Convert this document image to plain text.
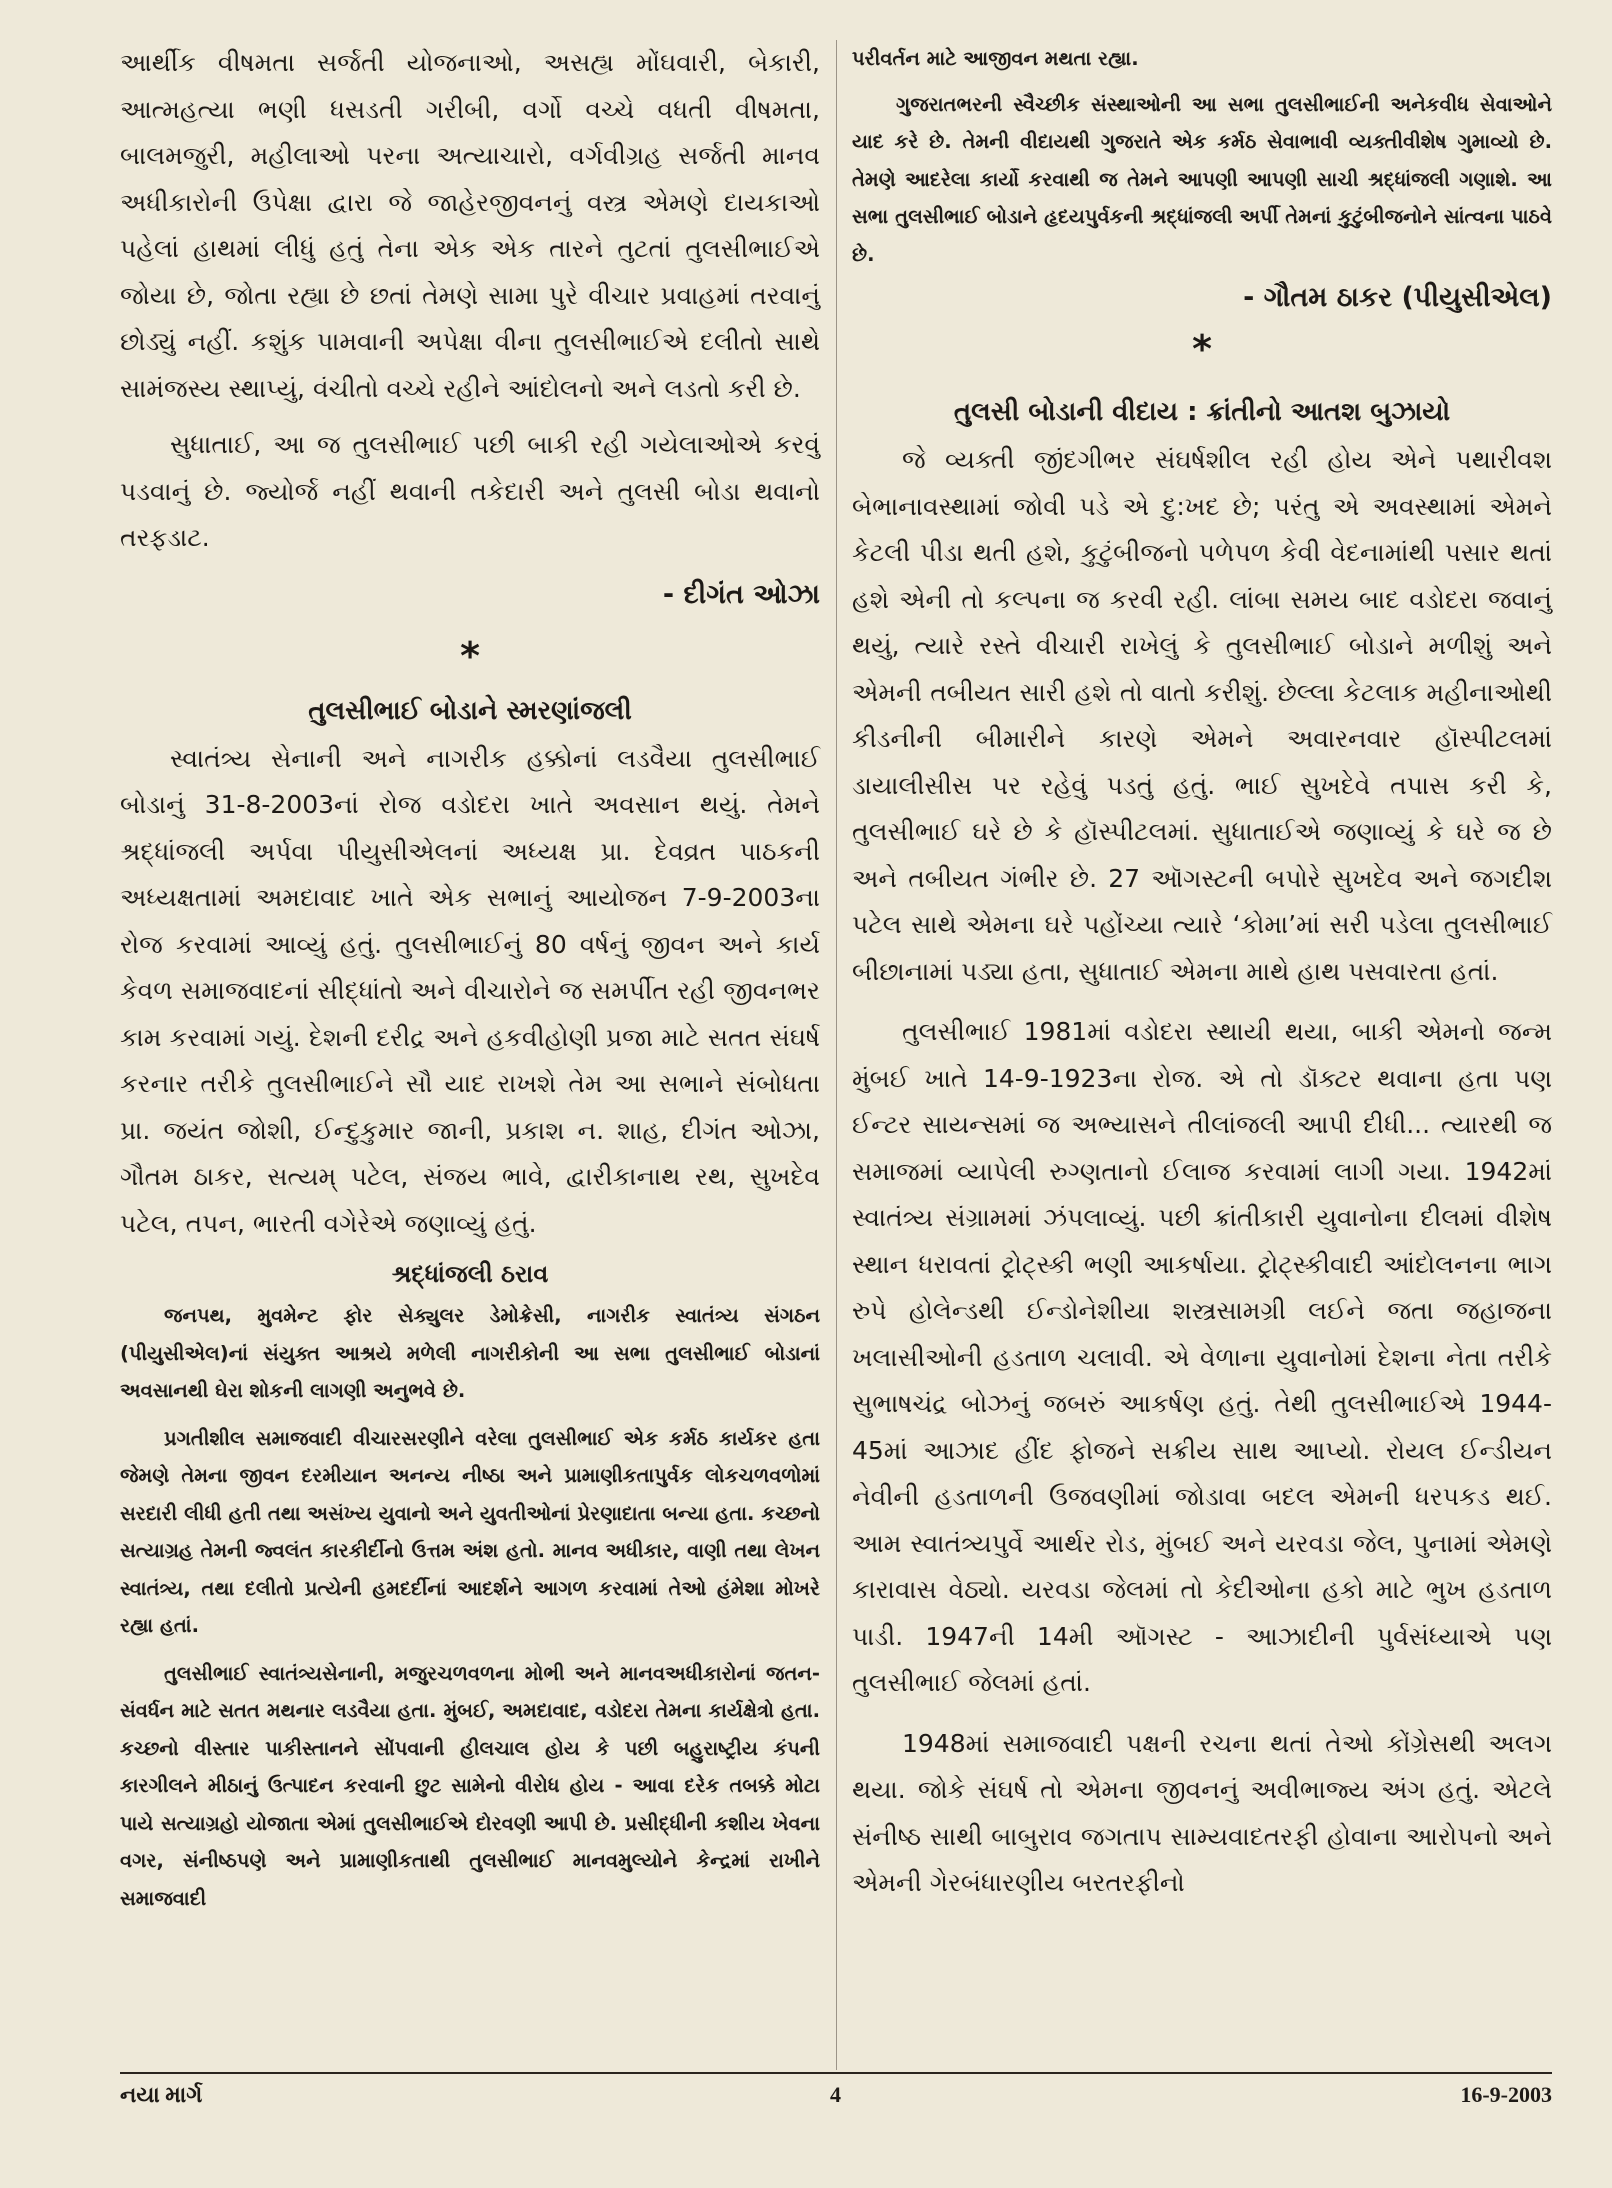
આર્થીક વીષમતા સર્જતી યોજનાઓ, અસહ્ય મોંઘવારી, બેકારી, આત્મહત્યા ભણી ધસડતી ગરીબી, વર્ગો વચ્ચે વધતી વીષમતા, બાલમજુરી, મહીલાઓ પરના અત્યાચારો, વર્ગવીગ્રહ સર્જતી માનવ અધીકારોની ઉપેક્ષા દ્વારા જે જાહેરજીવનનું વસ્ત્ર એમણે દાયકાઓ પહેલાં હાથમાં લીધું હતું તેના એક એક તારને તુટતાં તુલસીભાઈએ જોયા છે, જોતા રહ્યા છે છતાં તેમણે સામા પુરે વીચાર પ્રવાહમાં તરવાનું છોડ્યું નહીં. કશુંક પામવાની અપેક્ષા વીના તુલસીભાઈએ દલીતો સાથે સામંજસ્ય સ્થાપ્યું, વંચીતો વચ્ચે રહીને આંદોલનો અને લડતો કરી છે.

સુધાતાઈ, આ જ તુલસીભાઈ પછી બાકી રહી ગયેલાઓએ કરવું પડવાનું છે. જ્યોર્જ નહીં થવાની તકેદારી અને તુલસી બોડા થવાનો તરફડાટ.

- દીગંત ઓઝા
*
તુલસીભાઈ બોડાને સ્મરણાંજલી

સ્વાતંત્ર્ય સેનાની અને નાગરીક હક્કોનાં લડવૈયા તુલસીભાઈ બોડાનું 31-8-2003નાં રોજ વડોદરા ખાતે અવસાન થયું. તેમને શ્રદ્ધાંજલી અર્પવા પીયુસીએલનાં અધ્યક્ષ પ્રા. દેવવ્રત પાઠકની અધ્યક્ષતામાં અમદાવાદ ખાતે એક સભાનું આયોજન 7-9-2003ના રોજ કરવામાં આવ્યું હતું. તુલસીભાઈનું 80 વર્ષનું જીવન અને કાર્ય કેવળ સમાજવાદનાં સીદ્ધાંતો અને વીચારોને જ સમર્પીત રહી જીવનભર કામ કરવામાં ગયું. દેશની દરીદ્ર અને હકવીહોણી પ્રજા માટે સતત સંઘર્ષ કરનાર તરીકે તુલસીભાઈને સૌ યાદ રાખશે તેમ આ સભાને સંબોધતા પ્રા. જયંત જોશી, ઈન્દુકુમાર જાની, પ્રકાશ ન. શાહ, દીગંત ઓઝા, ગૌતમ ઠાકર, સત્યમ્ પટેલ, સંજય ભાવે, દ્વારીકાનાથ રથ, સુખદેવ પટેલ, તપન, ભારતી વગેરેએ જણાવ્યું હતું.

શ્રદ્ધાંજલી ઠરાવ

જનપથ, મુવમેન્ટ ફોર સેક્યુલર ડેમોક્રેસી, નાગરીક સ્વાતંત્ર્ય સંગઠન (પીયુસીએલ)નાં સંયુક્ત આશ્રયે મળેલી નાગરીકોની આ સભા તુલસીભાઈ બોડાનાં અવસાનથી ઘેરા શોકની લાગણી અનુભવે છે.

પ્રગતીશીલ સમાજવાદી વીચારસરણીને વરેલા તુલસીભાઈ એક કર્મઠ કાર્યકર હતા જેમણે તેમના જીવન દરમીયાન અનન્ય નીષ્ઠા અને પ્રામાણીકતાપુર્વક લોકચળવળોમાં સરદારી લીધી હતી તથા અસંખ્ય યુવાનો અને યુવતીઓનાં પ્રેરણાદાતા બન્યા હતા. કચ્છનો સત્યાગ્રહ તેમની જ્વલંત કારકીર્દીનો ઉત્તમ અંશ હતો. માનવ અધીકાર, વાણી તથા લેખન સ્વાતંત્ર્ય, તથા દલીતો પ્રત્યેની હમદર્દીનાં આદર્શને આગળ કરવામાં તેઓ હંમેશા મોખરે રહ્યા હતાં.

તુલસીભાઈ સ્વાતંત્ર્યસેનાની, મજુરચળવળના મોભી અને માનવઅધીકારોનાં જતન-સંવર્ધન માટે સતત મથનાર લડવૈયા હતા. મુંબઈ, અમદાવાદ, વડોદરા તેમના કાર્યક્ષેત્રો હતા. કચ્છનો વીસ્તાર પાકીસ્તાનને સોંપવાની હીલચાલ હોય કે પછી બહુરાષ્ટ્રીય કંપની કારગીલને મીઠાનું ઉત્પાદન કરવાની છુટ સામેનો વીરોધ હોય - આવા દરેક તબક્કે મોટા પાયે સત્યાગ્રહો યોજાતા એમાં તુલસીભાઈએ દોરવણી આપી છે. પ્રસીદ્ધીની કશીય ખેવના વગર, સંનીષ્ઠપણે અને પ્રામાણીકતાથી તુલસીભાઈ માનવમુલ્યોને કેન્દ્રમાં રાખીને સમાજવાદી

પરીવર્તન માટે આજીવન મથતા રહ્યા.

ગુજરાતભરની સ્વૈચ્છીક સંસ્થાઓની આ સભા તુલસીભાઈની અનેકવીધ સેવાઓને યાદ કરે છે. તેમની વીદાયથી ગુજરાતે એક કર્મઠ સેવાભાવી વ્યક્તીવીશેષ ગુમાવ્યો છે. તેમણે આદરેલા કાર્યો કરવાથી જ તેમને આપણી આપણી સાચી શ્રદ્ધાંજલી ગણાશે. આ સભા તુલસીભાઈ બોડાને હૃદયપુર્વકની શ્રદ્ધાંજલી અર્પી તેમનાં કુટુંબીજનોને સાંત્વના પાઠવે છે.

- ગૌતમ ઠાકર (પીયુસીએલ)
*
તુલસી બોડાની વીદાય : ક્રાંતીનો આતશ બુઝાયો

જે વ્યક્તી જીંદગીભર સંઘર્ષશીલ રહી હોય એને પથારીવશ બેભાનાવસ્થામાં જોવી પડે એ દુ:ખદ છે; પરંતુ એ અવસ્થામાં એમને કેટલી પીડા થતી હશે, કુટુંબીજનો પળેપળ કેવી વેદનામાંથી પસાર થતાં હશે એની તો કલ્પના જ કરવી રહી. લાંબા સમય બાદ વડોદરા જવાનું થયું, ત્યારે રસ્તે વીચારી રાખેલું કે તુલસીભાઈ બોડાને મળીશું અને એમની તબીયત સારી હશે તો વાતો કરીશું. છેલ્લા કેટલાક મહીનાઓથી કીડનીની બીમારીને કારણે એમને અવારનવાર હૉસ્પીટલમાં ડાયાલીસીસ પર રહેવું પડતું હતું. ભાઈ સુખદેવે તપાસ કરી કે, તુલસીભાઈ ઘરે છે કે હૉસ્પીટલમાં. સુધાતાઈએ જણાવ્યું કે ઘરે જ છે અને તબીયત ગંભીર છે. 27 ઑગસ્ટની બપોરે સુખદેવ અને જગદીશ પટેલ સાથે એમના ઘરે પહોંચ્યા ત્યારે ‘કોમા’માં સરી પડેલા તુલસીભાઈ બીછાનામાં પડ્યા હતા, સુધાતાઈ એમના માથે હાથ પસવારતા હતાં.

તુલસીભાઈ 1981માં વડોદરા સ્થાયી થયા, બાકી એમનો જન્મ મુંબઈ ખાતે 14-9-1923ના રોજ. એ તો ડૉક્ટર થવાના હતા પણ ઈન્ટર સાયન્સમાં જ અભ્યાસને તીલાંજલી આપી દીધી... ત્યારથી જ સમાજમાં વ્યાપેલી રુગ્ણતાનો ઈલાજ કરવામાં લાગી ગયા. 1942માં સ્વાતંત્ર્ય સંગ્રામમાં ઝંપલાવ્યું. પછી ક્રાંતીકારી યુવાનોના દીલમાં વીશેષ સ્થાન ધરાવતાં ટ્રોટ્સ્કી ભણી આકર્ષાયા. ટ્રોટ્સ્કીવાદી આંદોલનના ભાગ રુપે હોલેન્ડથી ઈન્ડોનેશીયા શસ્ત્રસામગ્રી લઈને જતા જહાજના ખલાસીઓની હડતાળ ચલાવી. એ વેળાના યુવાનોમાં દેશના નેતા તરીકે સુભાષચંદ્ર બોઝનું જબરું આકર્ષણ હતું. તેથી તુલસીભાઈએ 1944- 45માં આઝાદ હીંદ ફોજને સક્રીય સાથ આપ્યો. રોયલ ઈન્ડીયન નેવીની હડતાળની ઉજવણીમાં જોડાવા બદલ એમની ધરપકડ થઈ. આમ સ્વાતંત્ર્યપુર્વે આર્થર રોડ, મુંબઈ અને યરવડા જેલ, પુનામાં એમણે કારાવાસ વેઠ્યો. યરવડા જેલમાં તો કેદીઓના હકો માટે ભુખ હડતાળ પાડી. 1947ની 14મી ઑગસ્ટ - આઝાદીની પુર્વસંધ્યાએ પણ તુલસીભાઈ જેલમાં હતાં.

1948માં સમાજવાદી પક્ષની રચના થતાં તેઓ કોંગ્રેસથી અલગ થયા. જોકે સંઘર્ષ તો એમના જીવનનું અવીભાજ્ય અંગ હતું. એટલે સંનીષ્ઠ સાથી બાબુરાવ જગતાપ સામ્યવાદતરફી હોવાના આરોપનો અને એમની ગેરબંધારણીય બરતરફીનો

નયા માર્ગ	4	16-9-2003
